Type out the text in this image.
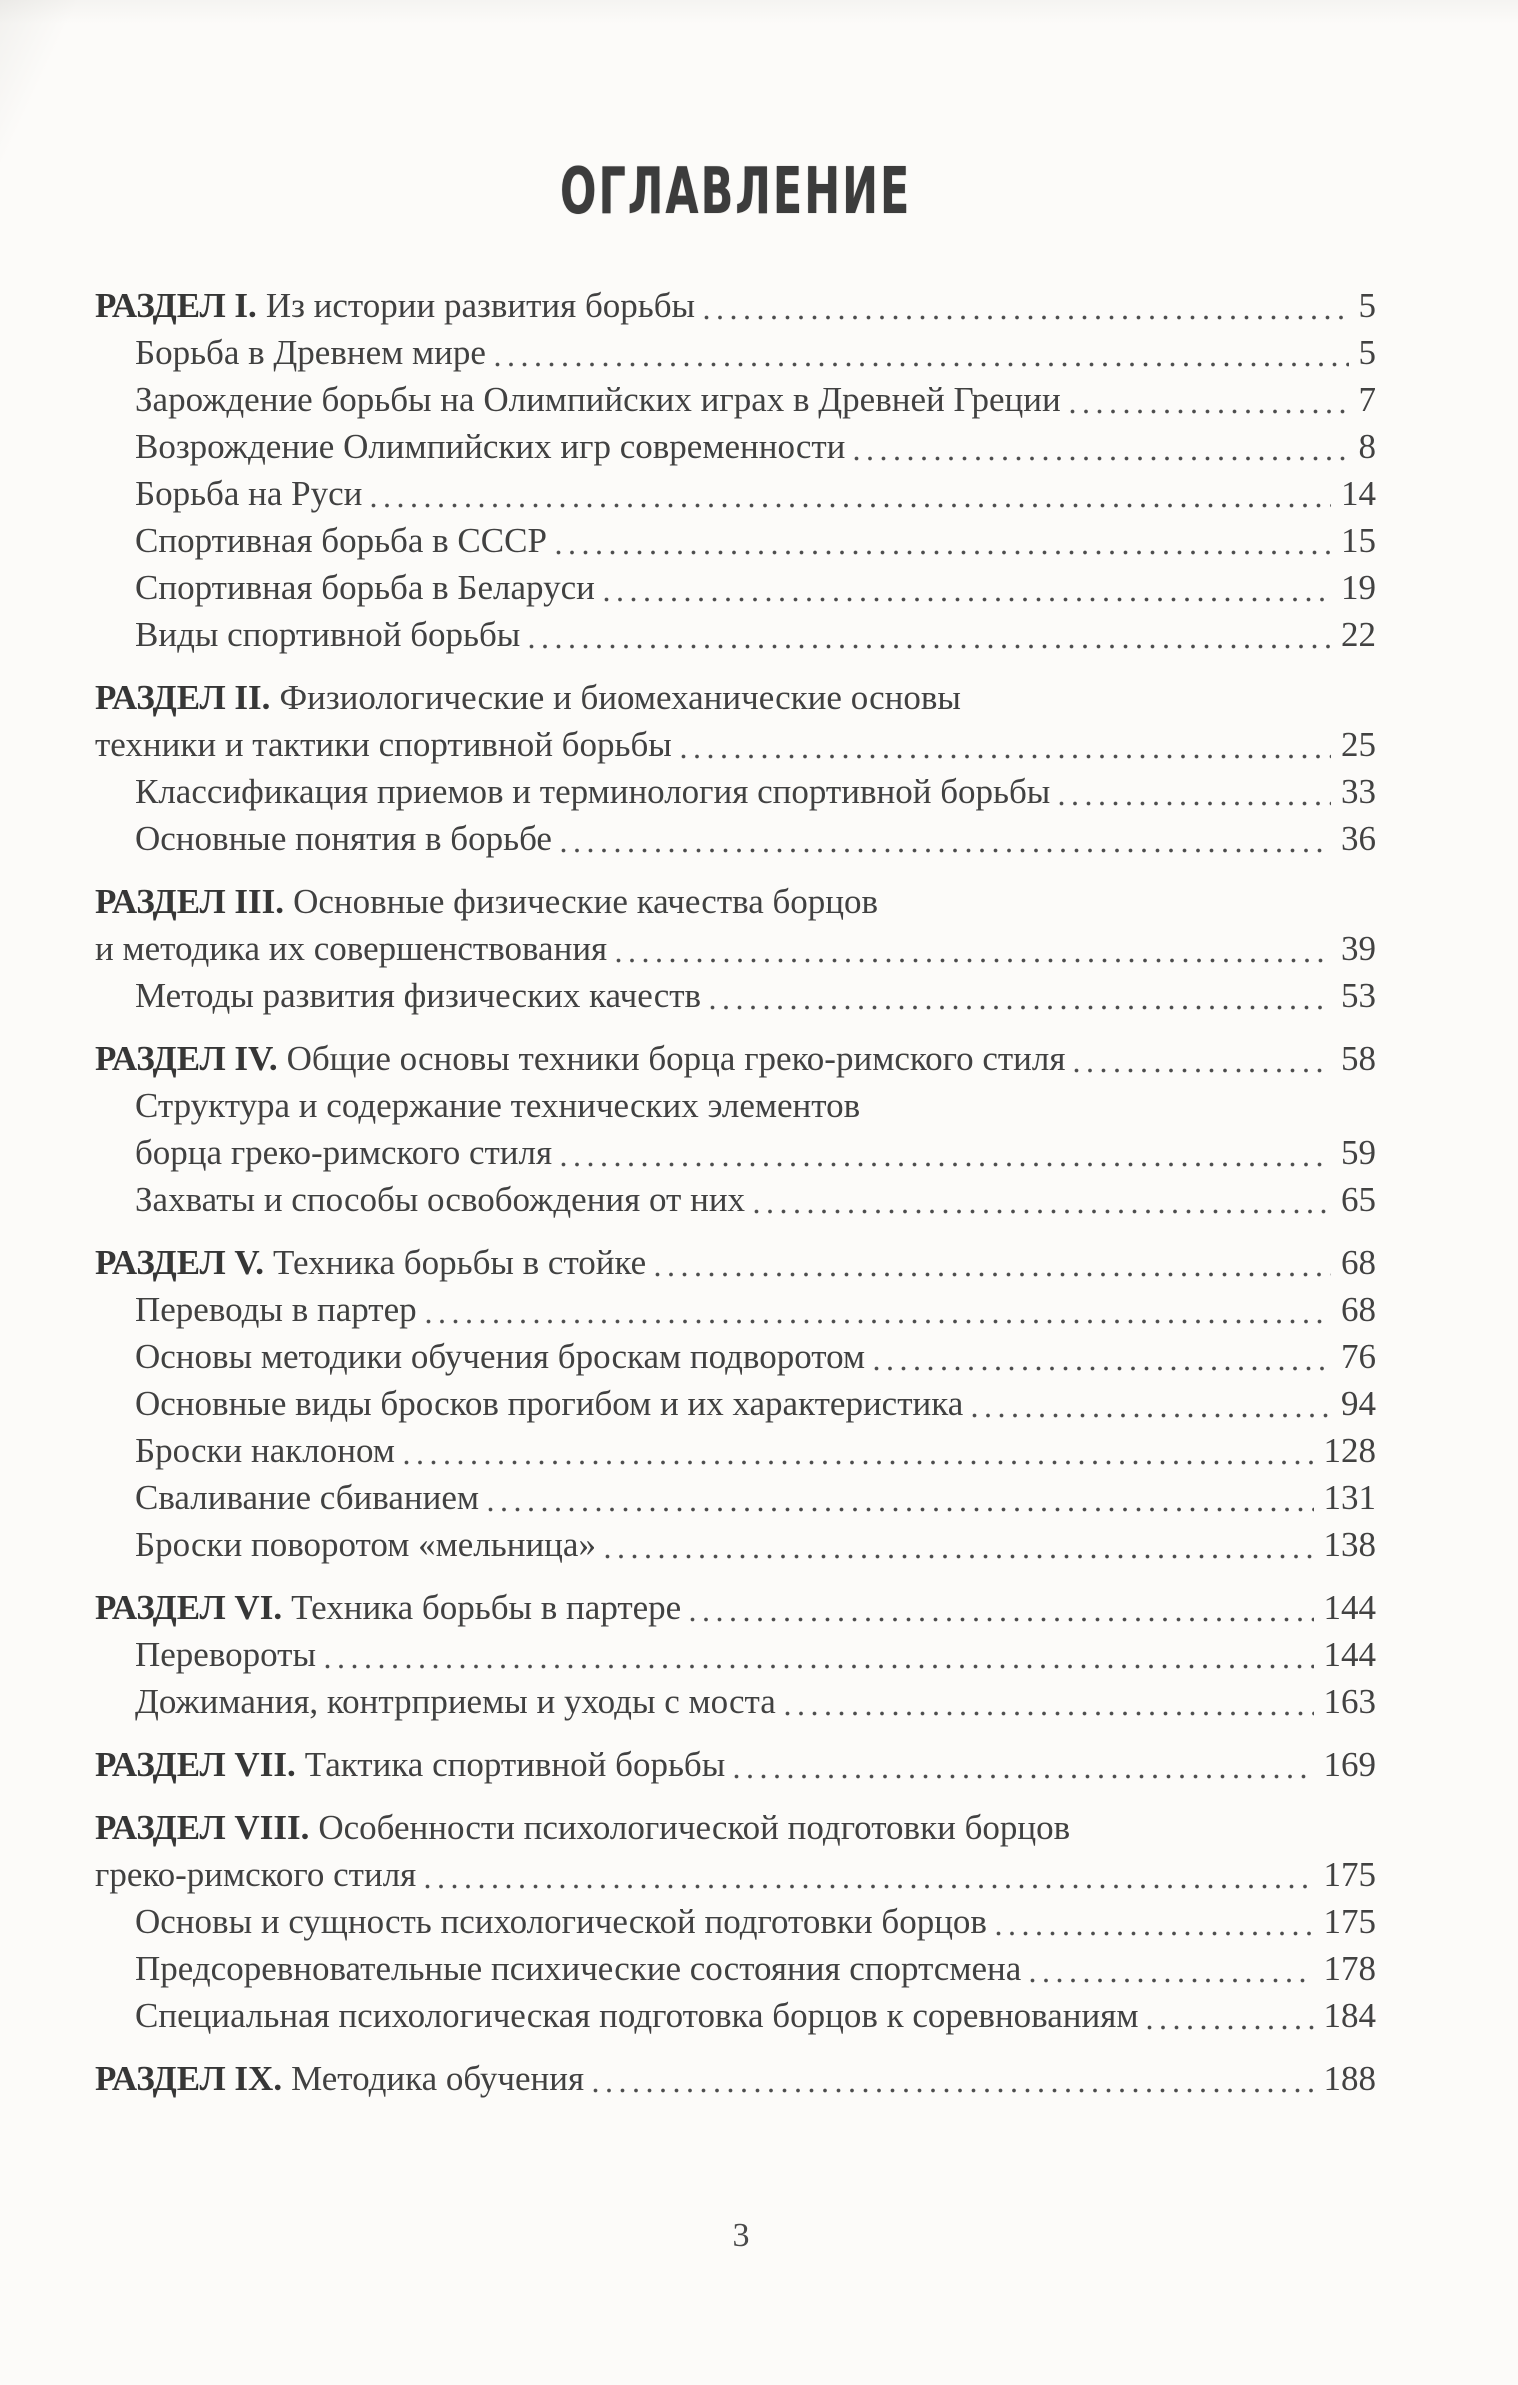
ОГЛАВЛЕНИЕ
РАЗДЕЛ I. Из истории развития борьбы	5
Борьба в Древнем мире	5
Зарождение борьбы на Олимпийских играх в Древней Греции	7
Возрождение Олимпийских игр современности	8
Борьба на Руси	14
Спортивная борьба в СССР	15
Спортивная борьба в Беларуси	19
Виды спортивной борьбы	22
РАЗДЕЛ II. Физиологические и биомеханические основы
техники и тактики спортивной борьбы	25
Классификация приемов и терминология спортивной борьбы	33
Основные понятия в борьбе	36
РАЗДЕЛ III. Основные физические качества борцов
и методика их совершенствования	39
Методы развития физических качеств	53
РАЗДЕЛ IV. Общие основы техники борца греко-римского стиля	58
Структура и содержание технических элементов
борца греко-римского стиля	59
Захваты и способы освобождения от них	65
РАЗДЕЛ V. Техника борьбы в стойке	68
Переводы в партер	68
Основы методики обучения броскам подворотом	76
Основные виды бросков прогибом и их характеристика	94
Броски наклоном	128
Сваливание сбиванием	131
Броски поворотом «мельница»	138
РАЗДЕЛ VI. Техника борьбы в партере	144
Перевороты	144
Дожимания, контрприемы и уходы с моста	163
РАЗДЕЛ VII. Тактика спортивной борьбы	169
РАЗДЕЛ VIII. Особенности психологической подготовки борцов
греко-римского стиля	175
Основы и сущность психологической подготовки борцов	175
Предсоревновательные психические состояния спортсмена	178
Специальная психологическая подготовка борцов к соревнованиям	184
РАЗДЕЛ IX. Методика обучения	188
3
